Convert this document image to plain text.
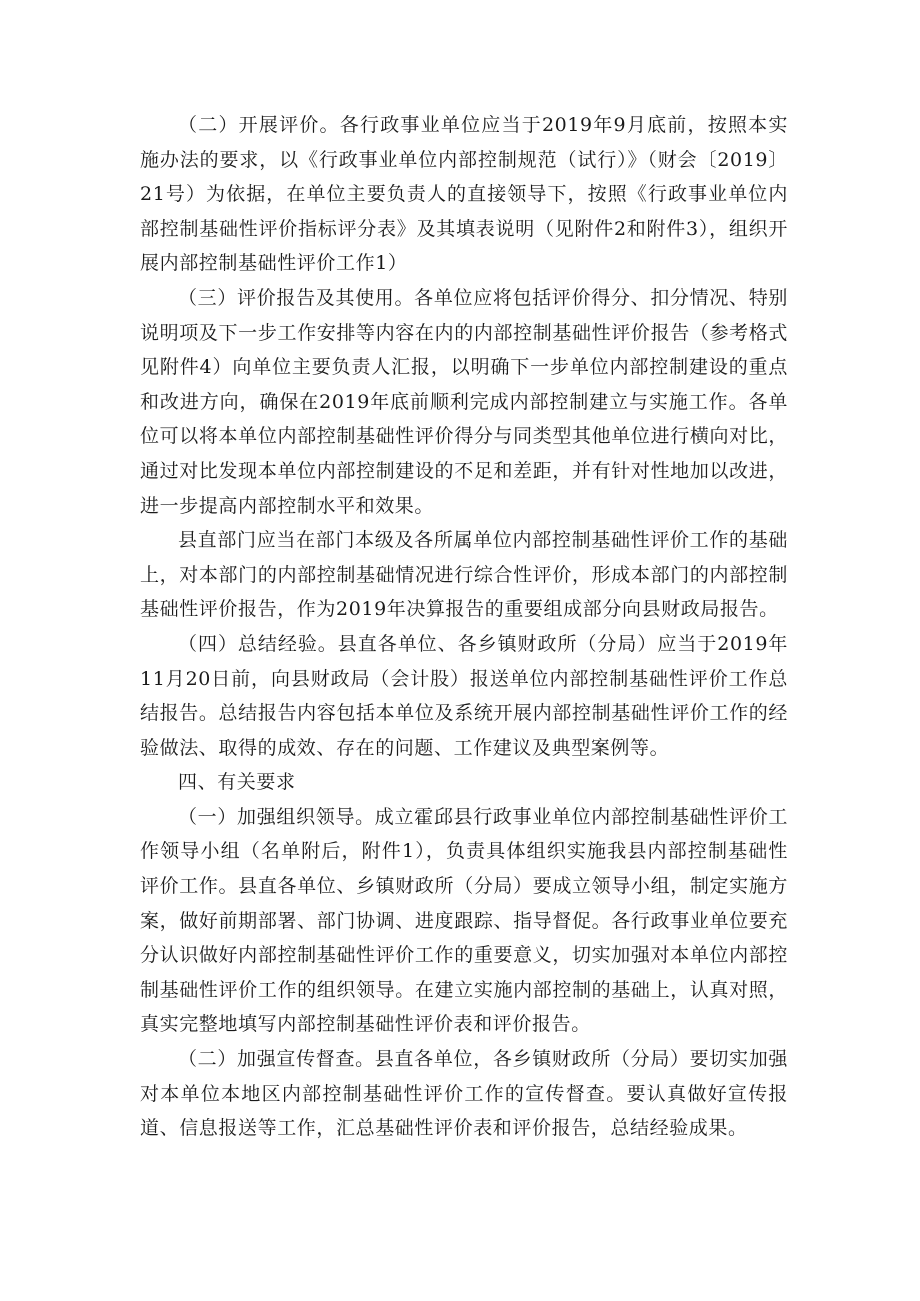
（二）开展评价。各行政事业单位应当于2019年9月底前，按照本实施办法的要求，以《行政事业单位内部控制规范（试行）》（财会〔2019〕21号）为依据，在单位主要负责人的直接领导下，按照《行政事业单位内部控制基础性评价指标评分表》及其填表说明（见附件2和附件3），组织开展内部控制基础性评价工作1）

（三）评价报告及其使用。各单位应将包括评价得分、扣分情况、特别说明项及下一步工作安排等内容在内的内部控制基础性评价报告（参考格式见附件4）向单位主要负责人汇报，以明确下一步单位内部控制建设的重点和改进方向，确保在2019年底前顺利完成内部控制建立与实施工作。各单位可以将本单位内部控制基础性评价得分与同类型其他单位进行横向对比，通过对比发现本单位内部控制建设的不足和差距，并有针对性地加以改进，进一步提高内部控制水平和效果。

县直部门应当在部门本级及各所属单位内部控制基础性评价工作的基础上，对本部门的内部控制基础情况进行综合性评价，形成本部门的内部控制基础性评价报告，作为2019年决算报告的重要组成部分向县财政局报告。

（四）总结经验。县直各单位、各乡镇财政所（分局）应当于2019年11月20日前，向县财政局（会计股）报送单位内部控制基础性评价工作总结报告。总结报告内容包括本单位及系统开展内部控制基础性评价工作的经验做法、取得的成效、存在的问题、工作建议及典型案例等。

四、有关要求

（一）加强组织领导。成立霍邱县行政事业单位内部控制基础性评价工作领导小组（名单附后，附件1），负责具体组织实施我县内部控制基础性评价工作。县直各单位、乡镇财政所（分局）要成立领导小组，制定实施方案，做好前期部署、部门协调、进度跟踪、指导督促。各行政事业单位要充分认识做好内部控制基础性评价工作的重要意义，切实加强对本单位内部控制基础性评价工作的组织领导。在建立实施内部控制的基础上，认真对照，真实完整地填写内部控制基础性评价表和评价报告。

（二）加强宣传督查。县直各单位，各乡镇财政所（分局）要切实加强对本单位本地区内部控制基础性评价工作的宣传督查。要认真做好宣传报道、信息报送等工作，汇总基础性评价表和评价报告，总结经验成果。
